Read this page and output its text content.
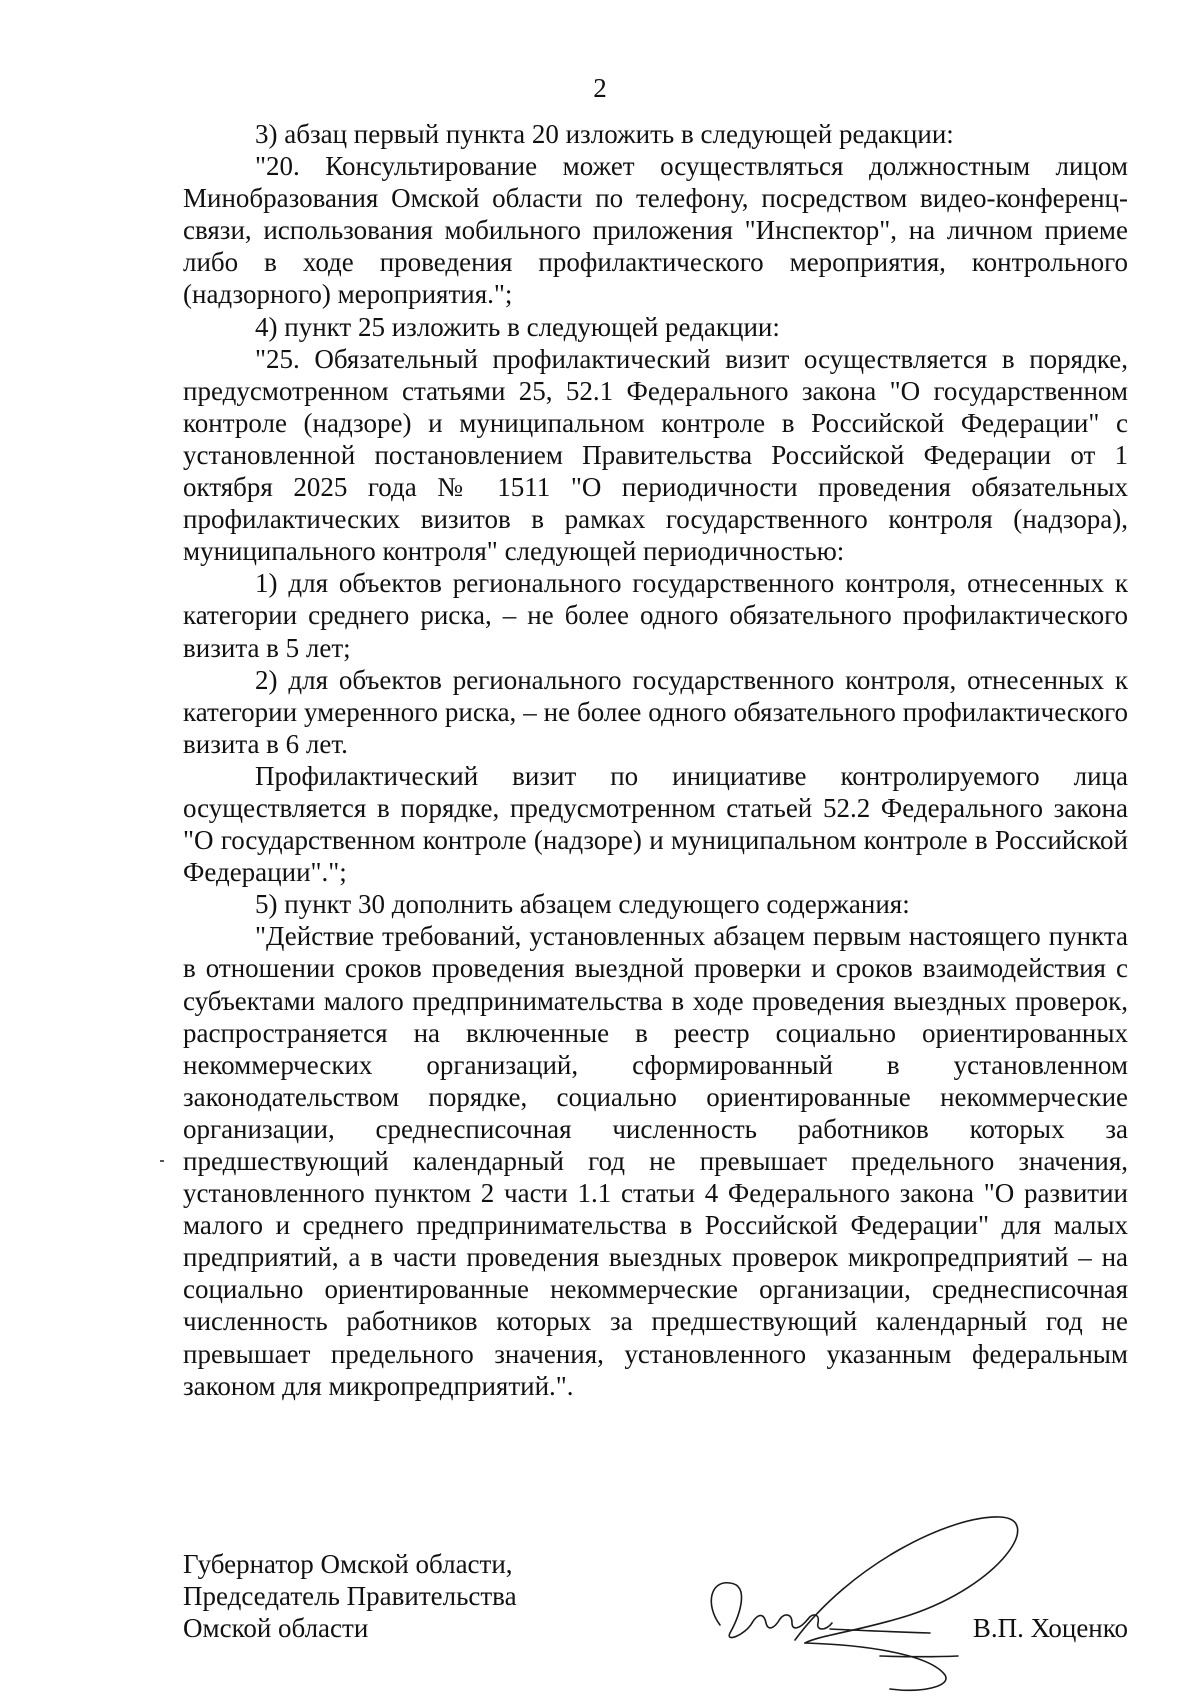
2

3) абзац первый пункта 20 изложить в следующей редакции:

"20. Консультирование может осуществляться должностным лицом Минобразования Омской области по телефону, посредством видео-конференц-связи, использования мобильного приложения "Инспектор", на личном приеме либо в ходе проведения профилактического мероприятия, контрольного (надзорного) мероприятия.";

4) пункт 25 изложить в следующей редакции:

"25. Обязательный профилактический визит осуществляется в порядке, предусмотренном статьями 25, 52.1 Федерального закона "О государственном контроле (надзоре) и муниципальном контроле в Российской Федерации" с установленной постановлением Правительства Российской Федерации от 1 октября 2025 года № 1511 "О периодичности проведения обязательных профилактических визитов в рамках государственного контроля (надзора), муниципального контроля" следующей периодичностью:

1) для объектов регионального государственного контроля, отнесенных к категории среднего риска, – не более одного обязательного профилактического визита в 5 лет;

2) для объектов регионального государственного контроля, отнесенных к категории умеренного риска, – не более одного обязательного профилактического визита в 6 лет.

Профилактический визит по инициативе контролируемого лица осуществляется в порядке, предусмотренном статьей 52.2 Федерального закона "О государственном контроле (надзоре) и муниципальном контроле в Российской Федерации".";

5) пункт 30 дополнить абзацем следующего содержания:

"Действие требований, установленных абзацем первым настоящего пункта в отношении сроков проведения выездной проверки и сроков взаимодействия с субъектами малого предпринимательства в ходе проведения выездных проверок, распространяется на включенные в реестр социально ориентированных некоммерческих организаций, сформированный в установленном законодательством порядке, социально ориентированные некоммерческие организации, среднесписочная численность работников которых за предшествующий календарный год не превышает предельного значения, установленного пунктом 2 части 1.1 статьи 4 Федерального закона "О развитии малого и среднего предпринимательства в Российской Федерации" для малых предприятий, а в части проведения выездных проверок микропредприятий – на социально ориентированные некоммерческие организации, среднесписочная численность работников которых за предшествующий календарный год не превышает предельного значения, установленного указанным федеральным законом для микропредприятий.".

Губернатор Омской области,
Председатель Правительства
Омской области	В.П. Хоценко
